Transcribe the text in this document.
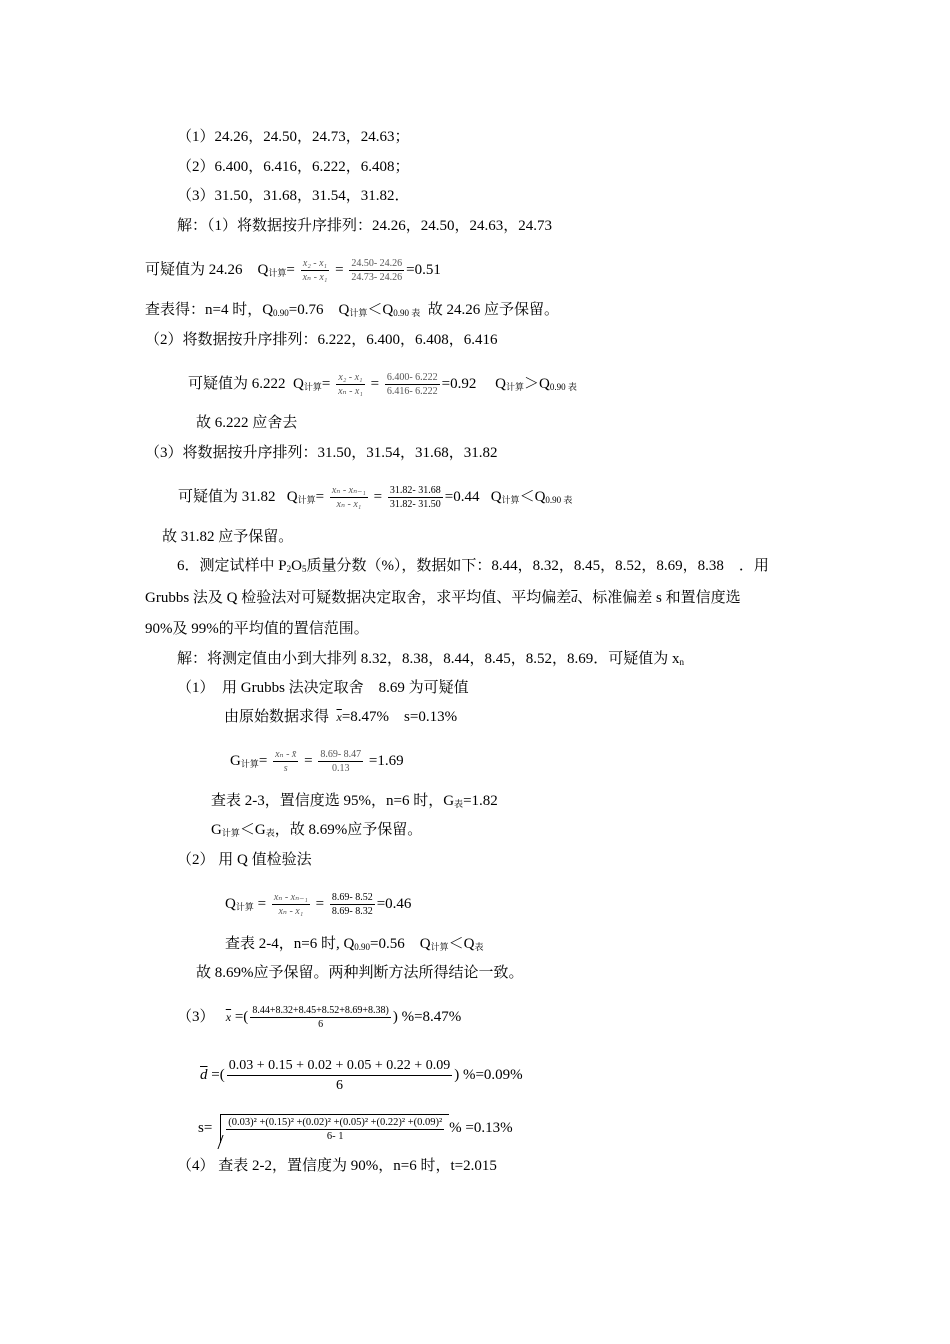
（1）24.26，24.50，24.73，24.63；
（2）6.400，6.416，6.222，6.408；
（3）31.50，31.68，31.54，31.82．
解：（1）将数据按升序排列：24.26，24.50，24.63，24.73
可疑值为 24.26 $Q_{计算}= \frac{\text{x₂ - x₁}}{\text{xₙ - x₁}} = \frac{24.50- 24.26}{24.73- 24.26} =0.51$
查表得：n=4 时，$Q_{0.90}=0.76$　$Q_{计算}<Q_{0.90 表}$ 故 24.26 应予保留。
（2）将数据按升序排列：6.222，6.400，6.408，6.416
可疑值为 6.222 $Q_{计算}= \frac{\text{x₂ - x₁}}{\text{xₙ - x₁}} = \frac{6.400- 6.222}{6.416- 6.222} =0.92$ $Q_{计算}>Q_{0.90 表}$
故 6.222 应舍去
（3）将数据按升序排列：31.50，31.54，31.68，31.82
可疑值为 31.82 $Q_{计算}= \frac{\text{xₙ - xₙ₋₁}}{\text{xₙ - x₁}} = \frac{31.82- 31.68}{31.82- 31.50} =0.44$ $Q_{计算}<Q_{0.90 表}$
故 31.82 应予保留。
6．测定试样中 $P_2O_5$质量分数（%），数据如下：8.44，8.32，8.45，8.52，8.69，8.38　．用
Grubbs 法及 Q 检验法对可疑数据决定取舍，求平均值、平均偏差$\overline{d}$、标准偏差 s 和置信度选
90%及 99%的平均值的置信范围。
解：将测定值由小到大排列 8.32，8.38，8.44，8.45，8.52，8.69．可疑值为 $x_n$
（1）　用 Grubbs 法决定取舍　8.69 为可疑值
由原始数据求得 $\overline{x}=8.47\%$　s=0.13%
$G_{计算}= \frac{\text{xₙ - x̄}}{s} = \frac{8.69- 8.47}{0.13} =1.69$
查表 2-3，置信度选 95%，n=6 时，$G_表=1.82$
$G_{计算}<G_表$，故 8.69%应予保留。
（2） 用 Q 值检验法
$Q_{计算} = \frac{\text{xₙ - xₙ₋₁}}{\text{xₙ - x₁}} = \frac{8.69- 8.52}{8.69- 8.32} =0.46$
查表 2-4，n=6 时, $Q_{0.90}=0.56$　$Q_{计算}<Q_表$
故 8.69%应予保留。两种判断方法所得结论一致。
（3） $\overline{x}$ =( $\frac{8.44+8.32+8.45+8.52+8.69+8.38)}{6}$ ) %=8.47%
$\overline{d}$ =( $\frac{0.03 + 0.15 + 0.02 + 0.05 + 0.22 + 0.09}{6}$ ) %=0.09%
$s= \frac{\text{(0.03)² +(0.15)² +(0.02)² +(0.05)² +(0.22)² +(0.09)²}}{6- 1}$ % =0.13%
（4） 查表 2-2，置信度为 90%，n=6 时，t=2.015
